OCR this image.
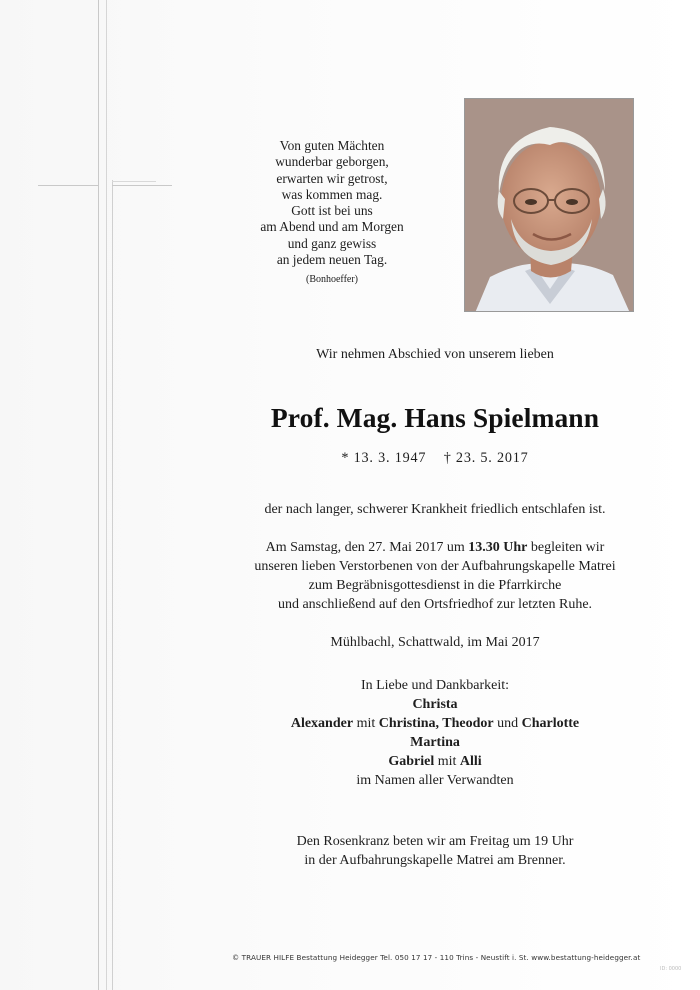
Von guten Mächten
wunderbar geborgen,
erwarten wir getrost,
was kommen mag.
Gott ist bei uns
am Abend und am Morgen
und ganz gewiss
an jedem neuen Tag.
(Bonhoeffer)
Wir nehmen Abschied von unserem lieben
Prof. Mag. Hans Spielmann
* 13. 3. 1947 † 23. 5. 2017
der nach langer, schwerer Krankheit friedlich entschlafen ist.
Am Samstag, den 27. Mai 2017 um 13.30 Uhr begleiten wir
unseren lieben Verstorbenen von der Aufbahrungskapelle Matrei
zum Begräbnisgottesdienst in die Pfarrkirche
und anschließend auf den Ortsfriedhof zur letzten Ruhe.
Mühlbachl, Schattwald, im Mai 2017
In Liebe und Dankbarkeit:
Christa
Alexander mit Christina, Theodor und Charlotte
Martina
Gabriel mit Alli
im Namen aller Verwandten
Den Rosenkranz beten wir am Freitag um 19 Uhr
in der Aufbahrungskapelle Matrei am Brenner.
© TRAUER HILFE Bestattung Heidegger Tel. 050 17 17 - 110 Trins - Neustift i. St. www.bestattung-heidegger.at
ID: 0000
